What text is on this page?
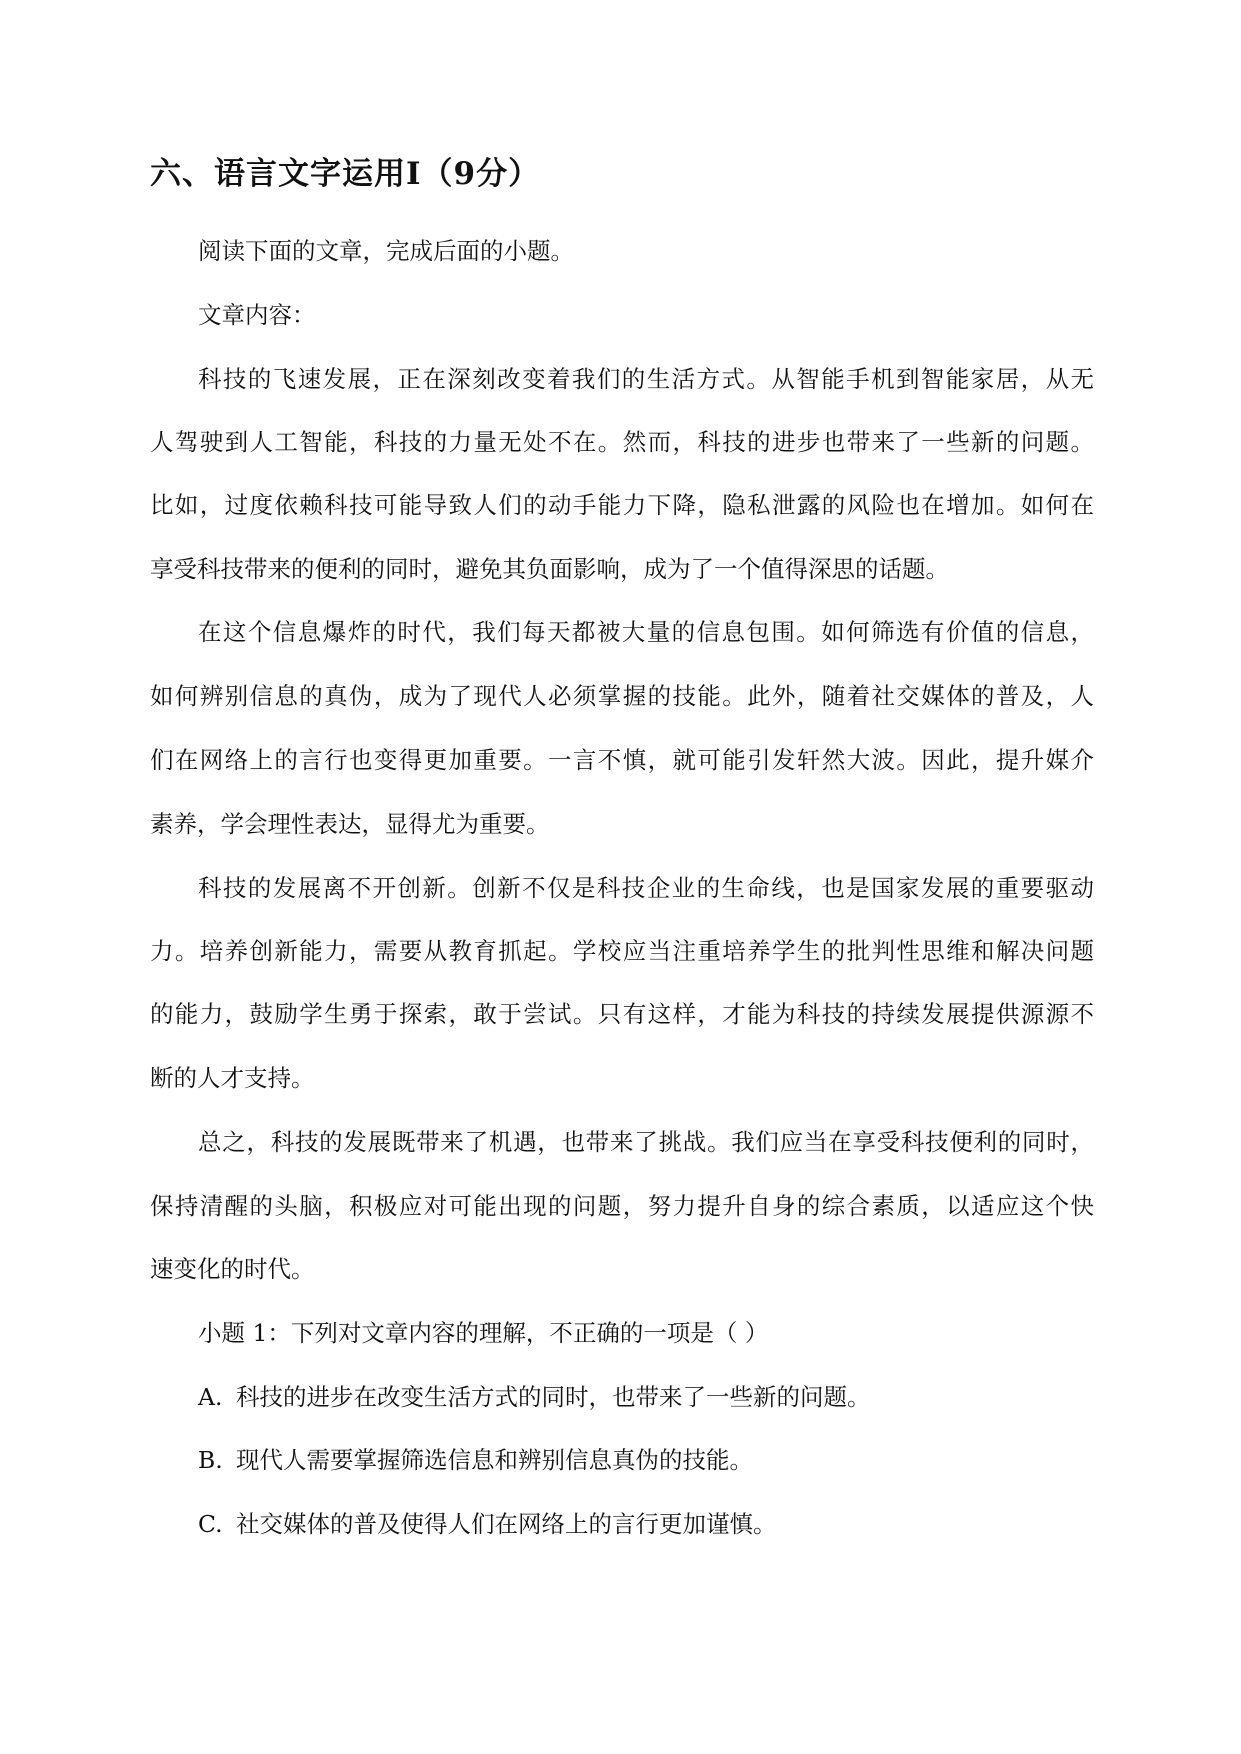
六、语言文字运用Ⅰ（9分）
阅读下面的文章，完成后面的小题。
文章内容：
科技的飞速发展，正在深刻改变着我们的生活方式。从智能手机到智能家居，从无
人驾驶到人工智能，科技的力量无处不在。然而，科技的进步也带来了一些新的问题。
比如，过度依赖科技可能导致人们的动手能力下降，隐私泄露的风险也在增加。如何在
享受科技带来的便利的同时，避免其负面影响，成为了一个值得深思的话题。
在这个信息爆炸的时代，我们每天都被大量的信息包围。如何筛选有价值的信息，
如何辨别信息的真伪，成为了现代人必须掌握的技能。此外，随着社交媒体的普及，人
们在网络上的言行也变得更加重要。一言不慎，就可能引发轩然大波。因此，提升媒介
素养，学会理性表达，显得尤为重要。
科技的发展离不开创新。创新不仅是科技企业的生命线，也是国家发展的重要驱动
力。培养创新能力，需要从教育抓起。学校应当注重培养学生的批判性思维和解决问题
的能力，鼓励学生勇于探索，敢于尝试。只有这样，才能为科技的持续发展提供源源不
断的人才支持。
总之，科技的发展既带来了机遇，也带来了挑战。我们应当在享受科技便利的同时，
保持清醒的头脑，积极应对可能出现的问题，努力提升自身的综合素质，以适应这个快
速变化的时代。
小题 1：下列对文章内容的理解，不正确的一项是（ ）
A. 科技的进步在改变生活方式的同时，也带来了一些新的问题。
B. 现代人需要掌握筛选信息和辨别信息真伪的技能。
C. 社交媒体的普及使得人们在网络上的言行更加谨慎。
